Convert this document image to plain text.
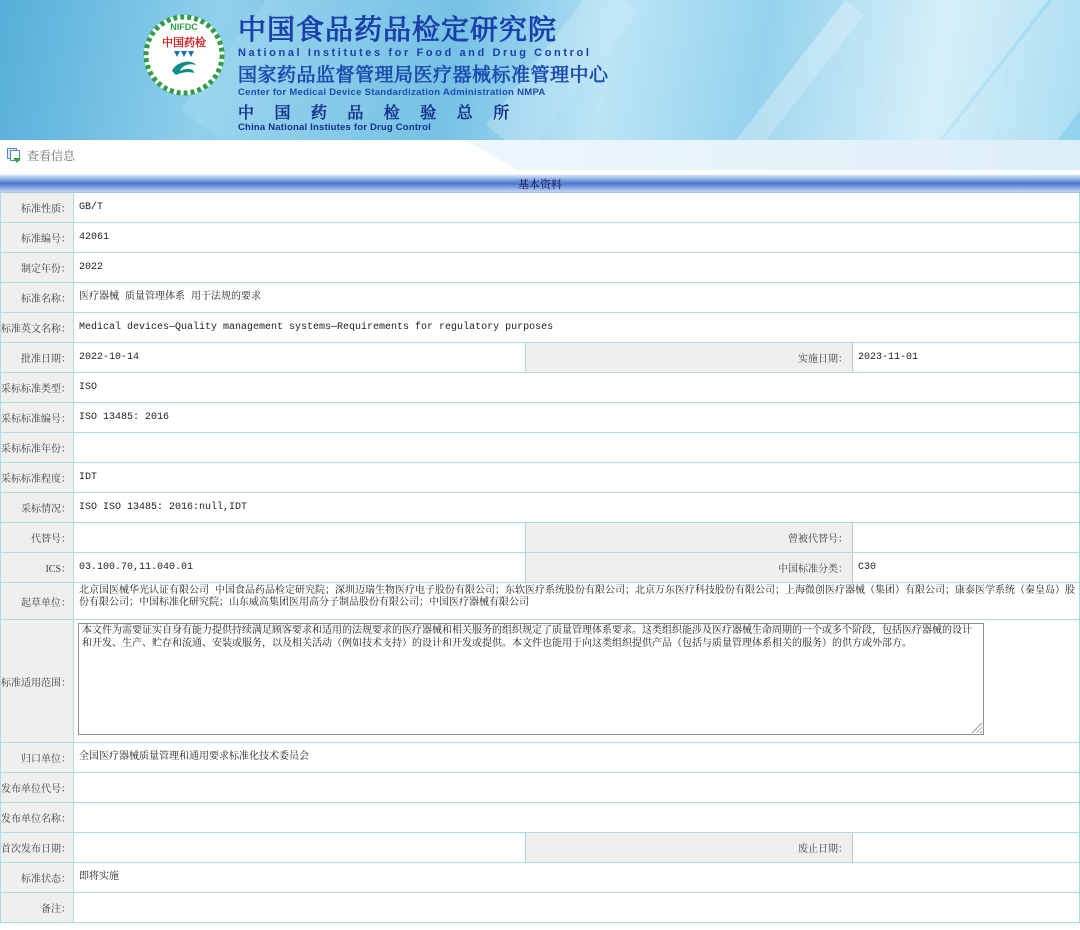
NIFDC
中国药检 中国食品药品检定研究院
National Institutes for Food and Drug Control
国家药品监督管理局医疗器械标准管理中心
Center for Medical Device Standardization Administration NMPA
中 国 药 品 检 验 总 所
China National Instiutes for Drug Control
查看信息
基本资料
标准性质： GB/T
标准编号： 42061
制定年份： 2022
标准名称： 医疗器械 质量管理体系 用于法规的要求
标准英文名称： Medical devices—Quality management systems—Requirements for regulatory purposes
批准日期： 2022-10-14	实施日期：	2023-11-01
采标标准类型： ISO
采标标准编号： ISO 13485: 2016
采标标准年份：
采标标准程度： IDT
采标情况： ISO ISO 13485: 2016:null,IDT
代替号：	曾被代替号：
ICS： 03.100.70,11.040.01	中国标准分类：	C30
起草单位：
北京国医械华光认证有限公司 中国食品药品检定研究院；深圳迈瑞生物医疗电子股份有限公司；东软医疗系统股份有限公司；北京万东医疗科技股份有限公司；上海微创医疗器械（集团）有限公司；康泰医学系统（秦皇岛）股份有限公司；中国标准化研究院；山东威高集团医用高分子制品股份有限公司；中国医疗器械有限公司
标准适用范围：
本文件为需要证实自身有能力提供持续满足顾客要求和适用的法规要求的医疗器械和相关服务的组织规定了质量管理体系要求。这类组织能涉及医疗器械生命周期的一个或多个阶段，包括医疗器械的设计和开发、生产、贮存和流通、安装或服务，以及相关活动（例如技术支持）的设计和开发或提供。本文件也能用于向这类组织提供产品（包括与质量管理体系相关的服务）的供方或外部方。
归口单位： 全国医疗器械质量管理和通用要求标准化技术委员会
发布单位代号：
发布单位名称：
首次发布日期：	废止日期：
标准状态： 即将实施
备注：
